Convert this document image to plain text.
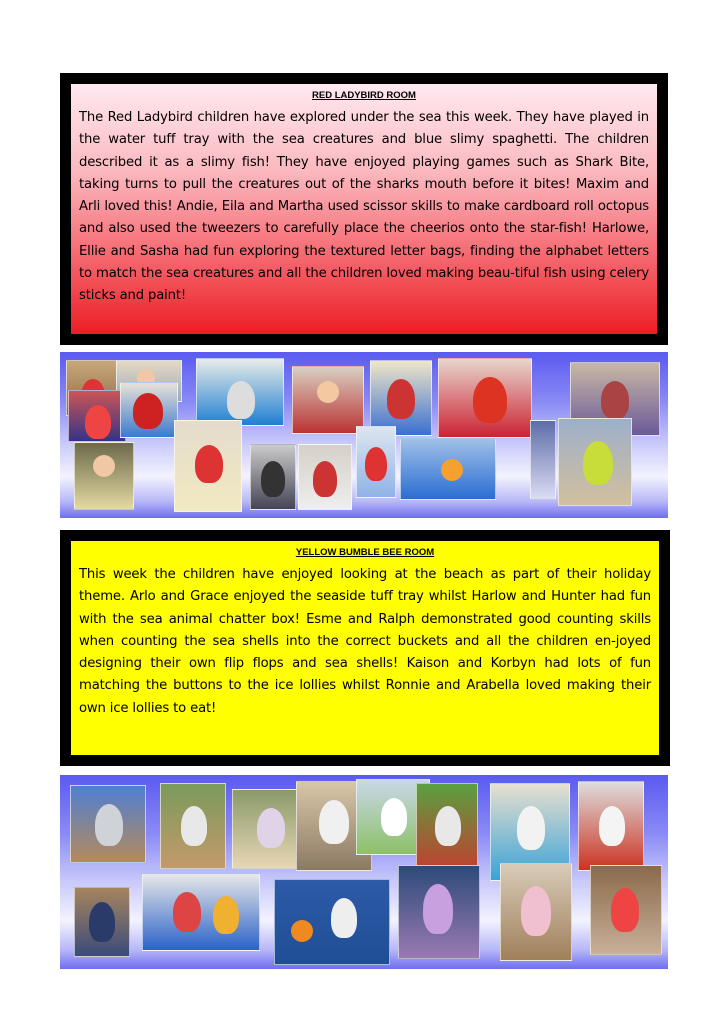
RED LADYBIRD ROOM

The Red Ladybird children have explored under the sea this week. They have played in the water tuff tray with the sea creatures and blue slimy spaghetti. The children described it as a slimy fish! They have enjoyed playing games such as Shark Bite, taking turns to pull the creatures out of the sharks mouth before it bites! Maxim and Arli loved this! Andie, Eila and Martha used scissor skills to make cardboard roll octopus and also used the tweezers to carefully place the cheerios onto the star-fish! Harlowe, Ellie and Sasha had fun exploring the textured letter bags, finding the alphabet letters to match the sea creatures and all the children loved making beau-tiful fish using celery sticks and paint!

YELLOW BUMBLE BEE ROOM

This week the children have enjoyed looking at the beach as part of their holiday theme. Arlo and Grace enjoyed the seaside tuff tray whilst Harlow and Hunter had fun with the sea animal chatter box! Esme and Ralph demonstrated good counting skills when counting the sea shells into the correct buckets and all the children en-joyed designing their own flip flops and sea shells! Kaison and Korbyn had lots of fun matching the buttons to the ice lollies whilst Ronnie and Arabella loved making their own ice lollies to eat!
